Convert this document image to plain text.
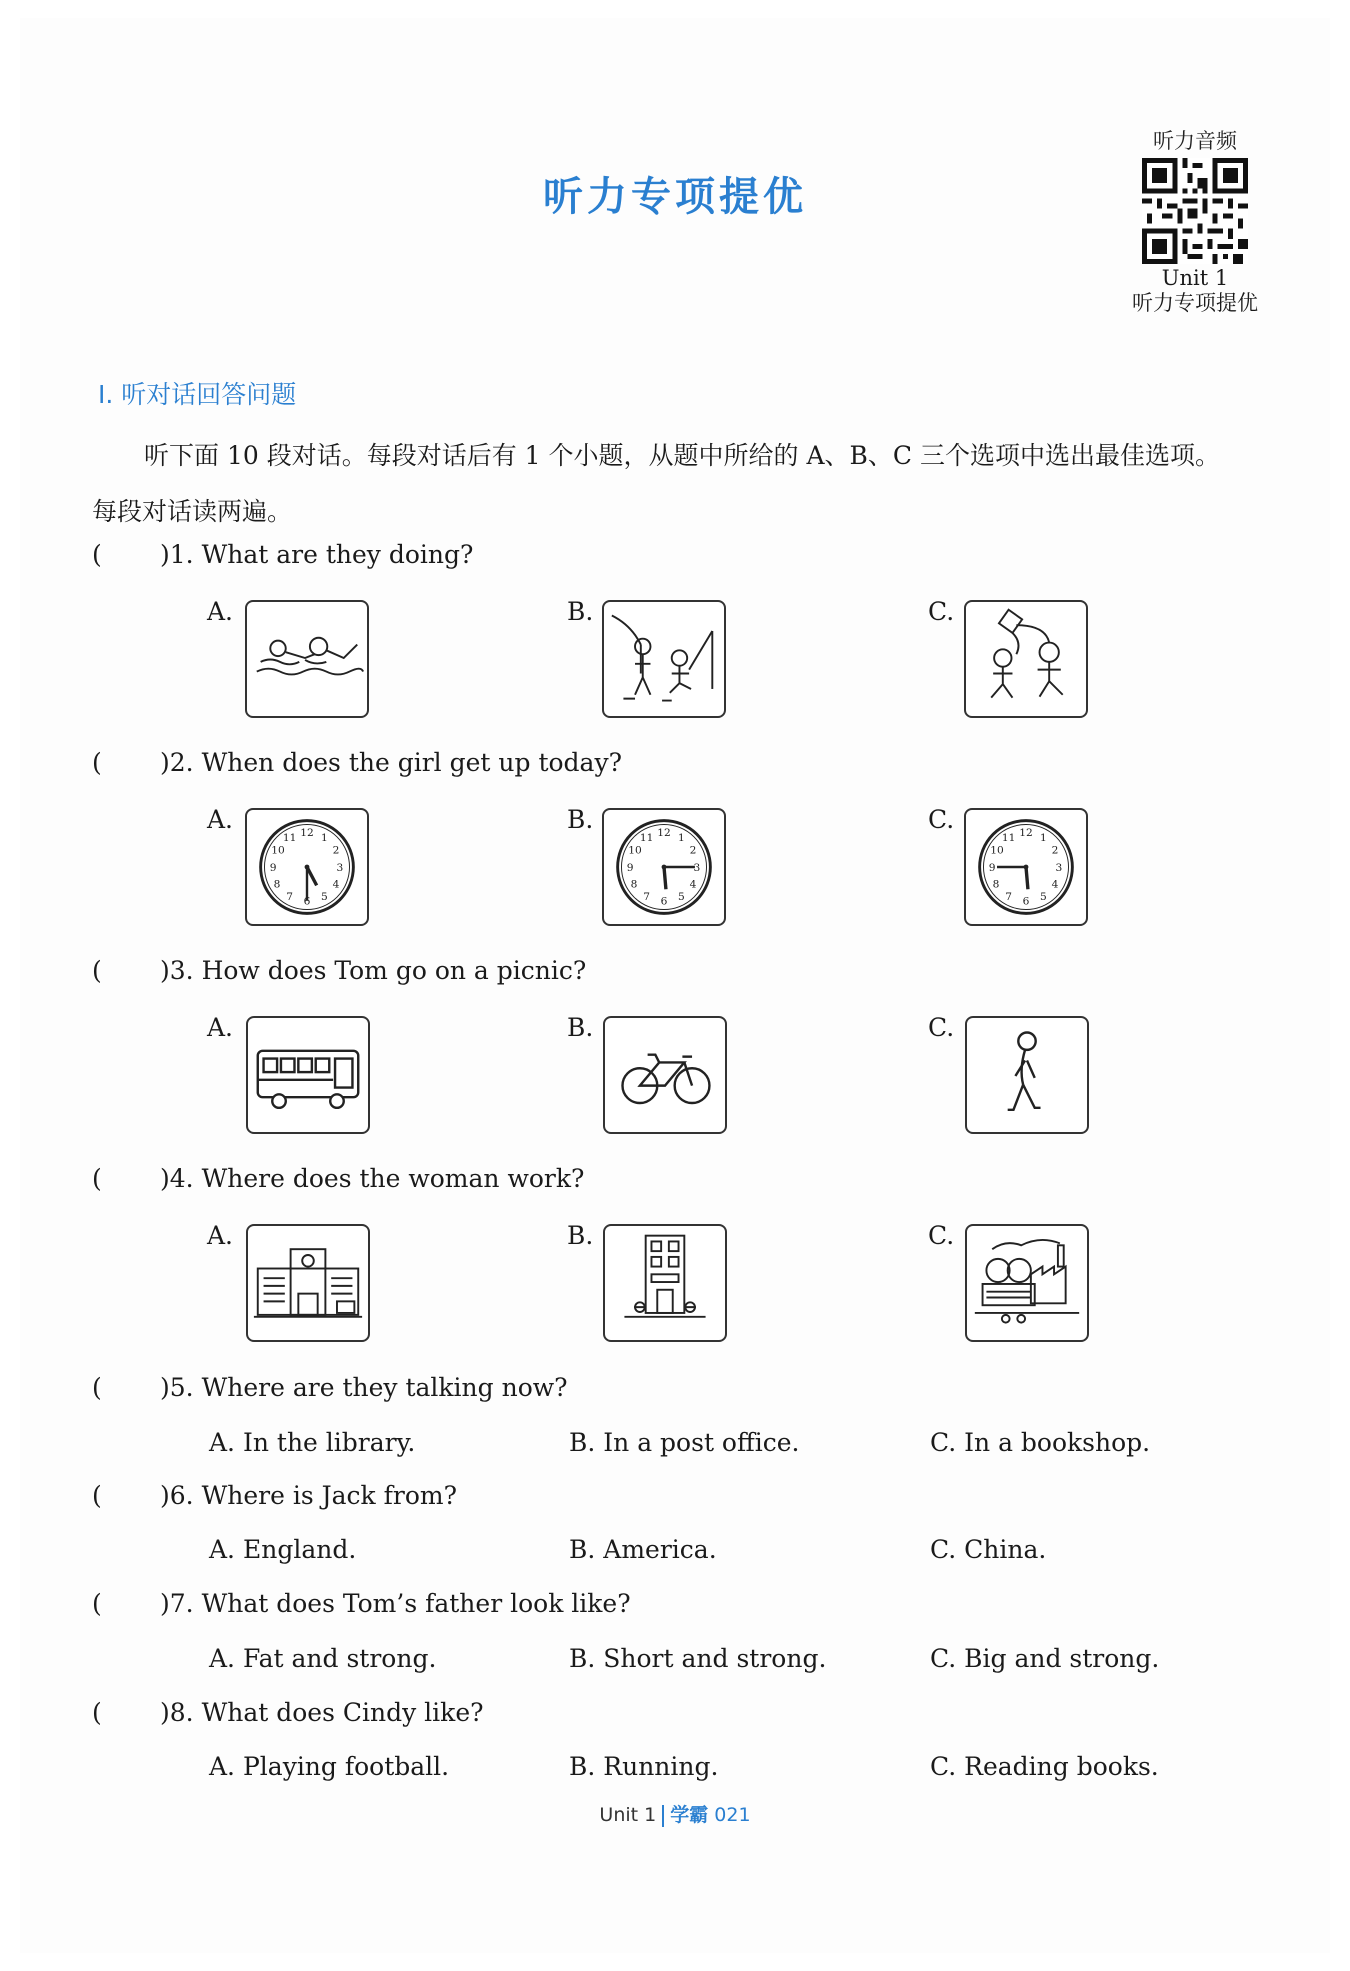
听力专项提优
听力音频
Unit 1
听力专项提优
Ⅰ. 听对话回答问题
听下面 10 段对话。每段对话后有 1 个小题，从题中所给的 A、B、C 三个选项中选出最佳选项。
每段对话读两遍。
( )1. What are they doing?
A.	B.	C.
( )2. When does the girl get up today?
A.	12 1
2
3
4
5
6
7
8
9
10
11
B.	12 1
2
3
4
5
6
7
8
9
10
11
C.	12 1
2
3
4
5
6
7
8
9
10
11
( )3. How does Tom go on a picnic?
A.	B.	C.
( )4. Where does the woman work?
A.	B.	C.
( )5. Where are they talking now?
A. In the library.	B. In a post office.	C. In a bookshop.
( )6. Where is Jack from?
A. England.	B. America.	C. China.
( )7. What does Tom’s father look like?
A. Fat and strong.	B. Short and strong.	C. Big and strong.
( )8. What does Cindy like?
A. Playing football.	B. Running.	C. Reading books.
Unit 1 学霸 021
